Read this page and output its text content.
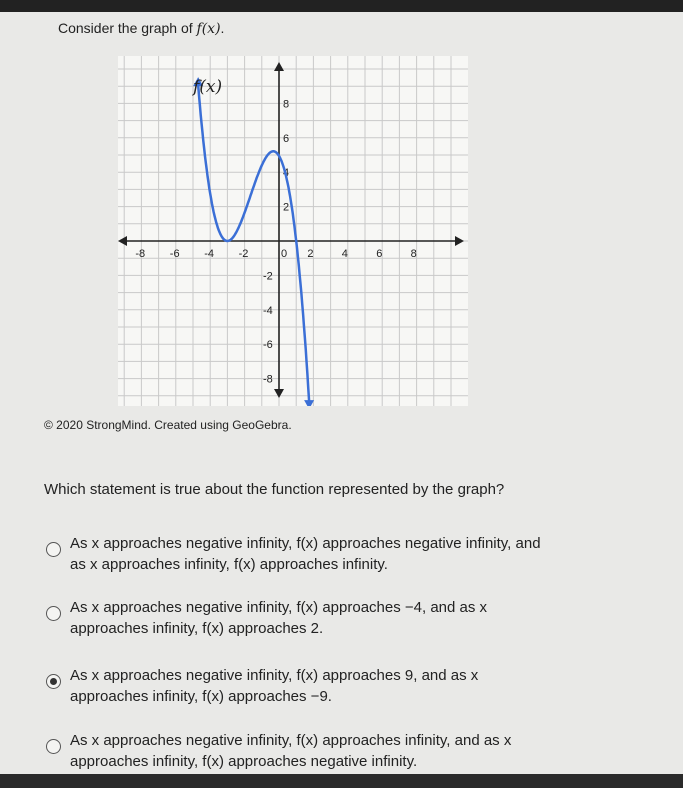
Consider the graph of f(x).
-8 -6 -4 -2	0 2	4	6	8
8
6
4
2
-2
-4
-6
-8
f(x)
© 2020 StrongMind. Created using GeoGebra.
Which statement is true about the function represented by the graph?
As x approaches negative infinity, f(x) approaches negative infinity, and
as x approaches infinity, f(x) approaches infinity.
As x approaches negative infinity, f(x) approaches −4, and as x
approaches infinity, f(x) approaches 2.
As x approaches negative infinity, f(x) approaches 9, and as x
approaches infinity, f(x) approaches −9.
As x approaches negative infinity, f(x) approaches infinity, and as x
approaches infinity, f(x) approaches negative infinity.
